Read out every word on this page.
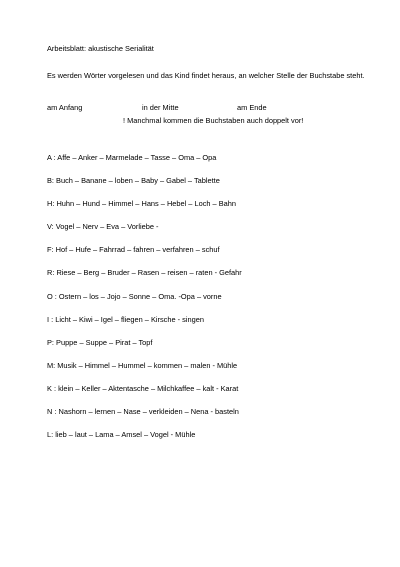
Arbeitsblatt: akustische Serialität
Es werden Wörter vorgelesen und das Kind findet heraus, an welcher Stelle der Buchstabe steht.
am Anfang	in der Mitte	am Ende
! Manchmal kommen die Buchstaben auch doppelt vor!
A : Affe – Anker – Marmelade – Tasse – Oma – Opa
B: Buch – Banane – loben – Baby – Gabel – Tablette
H: Huhn – Hund – Himmel – Hans – Hebel – Loch – Bahn
V: Vogel – Nerv – Eva – Vorliebe -
F: Hof – Hufe – Fahrrad – fahren – verfahren – schuf
R: Riese – Berg – Bruder – Rasen – reisen – raten - Gefahr
O : Ostern – los – Jojo – Sonne – Oma. -Opa – vorne
I : Licht – Kiwi – Igel – fliegen – Kirsche - singen
P: Puppe – Suppe – Pirat – Topf
M: Musik – Himmel – Hummel – kommen – malen - Mühle
K : klein – Keller – Aktentasche – Milchkaffee – kalt - Karat
N : Nashorn – lernen – Nase – verkleiden – Nena - basteln
L: lieb – laut – Lama – Amsel – Vogel - Mühle
